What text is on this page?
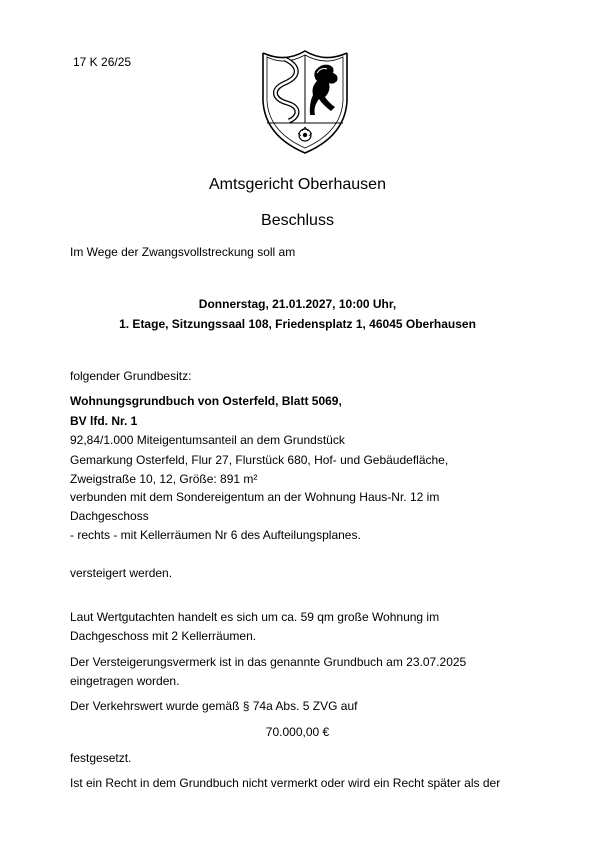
17 K 26/25
Amtsgericht Oberhausen
Beschluss
Im Wege der Zwangsvollstreckung soll am
Donnerstag, 21.01.2027, 10:00 Uhr,
1. Etage, Sitzungssaal 108, Friedensplatz 1, 46045 Oberhausen
folgender Grundbesitz:
Wohnungsgrundbuch von Osterfeld, Blatt 5069,
BV lfd. Nr. 1
92,84/1.000 Miteigentumsanteil an dem Grundstück
Gemarkung Osterfeld, Flur 27, Flurstück 680, Hof- und Gebäudefläche,
Zweigstraße 10, 12, Größe: 891 m²
verbunden mit dem Sondereigentum an der Wohnung Haus-Nr. 12 im
Dachgeschoss
- rechts - mit Kellerräumen Nr 6 des Aufteilungsplanes.
versteigert werden.
Laut Wertgutachten handelt es sich um ca. 59 qm große Wohnung im
Dachgeschoss mit 2 Kellerräumen.
Der Versteigerungsvermerk ist in das genannte Grundbuch am 23.07.2025
eingetragen worden.
Der Verkehrswert wurde gemäß § 74a Abs. 5 ZVG auf
70.000,00 €
festgesetzt.
Ist ein Recht in dem Grundbuch nicht vermerkt oder wird ein Recht später als der
